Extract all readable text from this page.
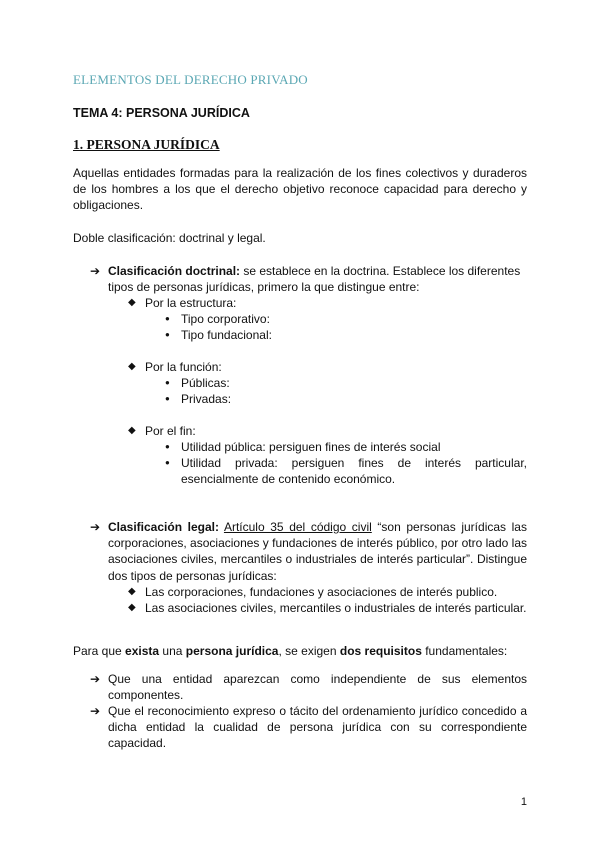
ELEMENTOS DEL DERECHO PRIVADO
TEMA 4: PERSONA JURÍDICA
1. PERSONA JURÍDICA
Aquellas entidades formadas para la realización de los fines colectivos y duraderos de los hombres a los que el derecho objetivo reconoce capacidad para derecho y obligaciones.
Doble clasificación: doctrinal y legal.
➔ Clasificación doctrinal: se establece en la doctrina. Establece los diferentes tipos de personas jurídicas, primero la que distingue entre:
◆ Por la estructura:
● Tipo corporativo:
● Tipo fundacional:
◆ Por la función:
● Públicas:
● Privadas:
◆ Por el fin:
● Utilidad pública: persiguen fines de interés social
● Utilidad privada: persiguen fines de interés particular, esencialmente de contenido económico.
➔ Clasificación legal: Artículo 35 del código civil “son personas jurídicas las corporaciones, asociaciones y fundaciones de interés público, por otro lado las asociaciones civiles, mercantiles o industriales de interés particular”. Distingue dos tipos de personas jurídicas:
◆ Las corporaciones, fundaciones y asociaciones de interés publico.
◆ Las asociaciones civiles, mercantiles o industriales de interés particular.
Para que exista una persona jurídica, se exigen dos requisitos fundamentales:
➔ Que una entidad aparezcan como independiente de sus elementos componentes.
➔ Que el reconocimiento expreso o tácito del ordenamiento jurídico concedido a dicha entidad la cualidad de persona jurídica con su correspondiente capacidad.
1
